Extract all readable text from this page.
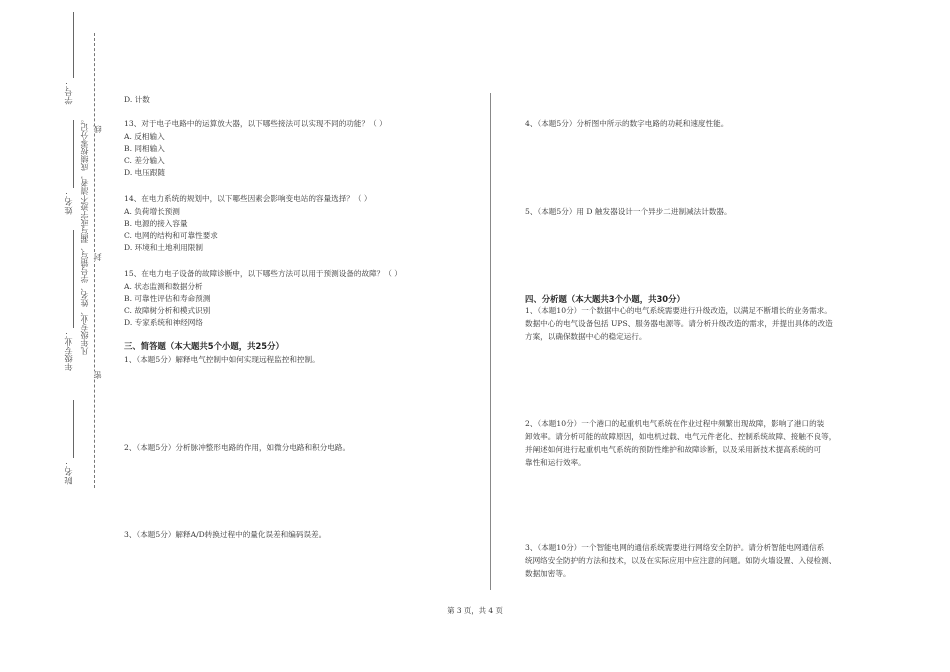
学号：
姓名：
年级专业：
院名：
凡年级专业、姓名、学号错写、漏写或字迹不清者，成绩按零分记。 线
封
密
D. 计数
13、对于电子电路中的运算放大器，以下哪些接法可以实现不同的功能？（ ）
A. 反相输入
B. 同相输入
C. 差分输入
D. 电压跟随
14、在电力系统的规划中，以下哪些因素会影响变电站的容量选择？（ ）
A. 负荷增长预测
B. 电源的接入容量
C. 电网的结构和可靠性要求
D. 环境和土地利用限制
15、在电力电子设备的故障诊断中，以下哪些方法可以用于预测设备的故障？（ ）
A. 状态监测和数据分析
B. 可靠性评估和寿命预测
C. 故障树分析和模式识别
D. 专家系统和神经网络
三、简答题（本大题共5个小题，共25分）
1、（本题5分）解释电气控制中如何实现远程监控和控制。
2、（本题5分）分析脉冲整形电路的作用，如微分电路和积分电路。
3、（本题5分）解释A/D转换过程中的量化误差和编码误差。
4、（本题5分）分析图中所示的数字电路的功耗和速度性能。
5、（本题5分）用 D 触发器设计一个异步二进制减法计数器。
四、分析题（本大题共3个小题，共30分）
1、（本题10分）一个数据中心的电气系统需要进行升级改造，以满足不断增长的业务需求。
数据中心的电气设备包括 UPS、服务器电源等。请分析升级改造的需求，并提出具体的改造
方案，以确保数据中心的稳定运行。
2、（本题10分）一个港口的起重机电气系统在作业过程中频繁出现故障，影响了港口的装
卸效率。请分析可能的故障原因，如电机过载、电气元件老化、控制系统故障、接触不良等，
并阐述如何进行起重机电气系统的预防性维护和故障诊断，以及采用新技术提高系统的可
靠性和运行效率。
3、（本题10分）一个智能电网的通信系统需要进行网络安全防护。请分析智能电网通信系
统网络安全防护的方法和技术，以及在实际应用中应注意的问题。如防火墙设置、入侵检测、
数据加密等。
第 3 页，共 4 页
